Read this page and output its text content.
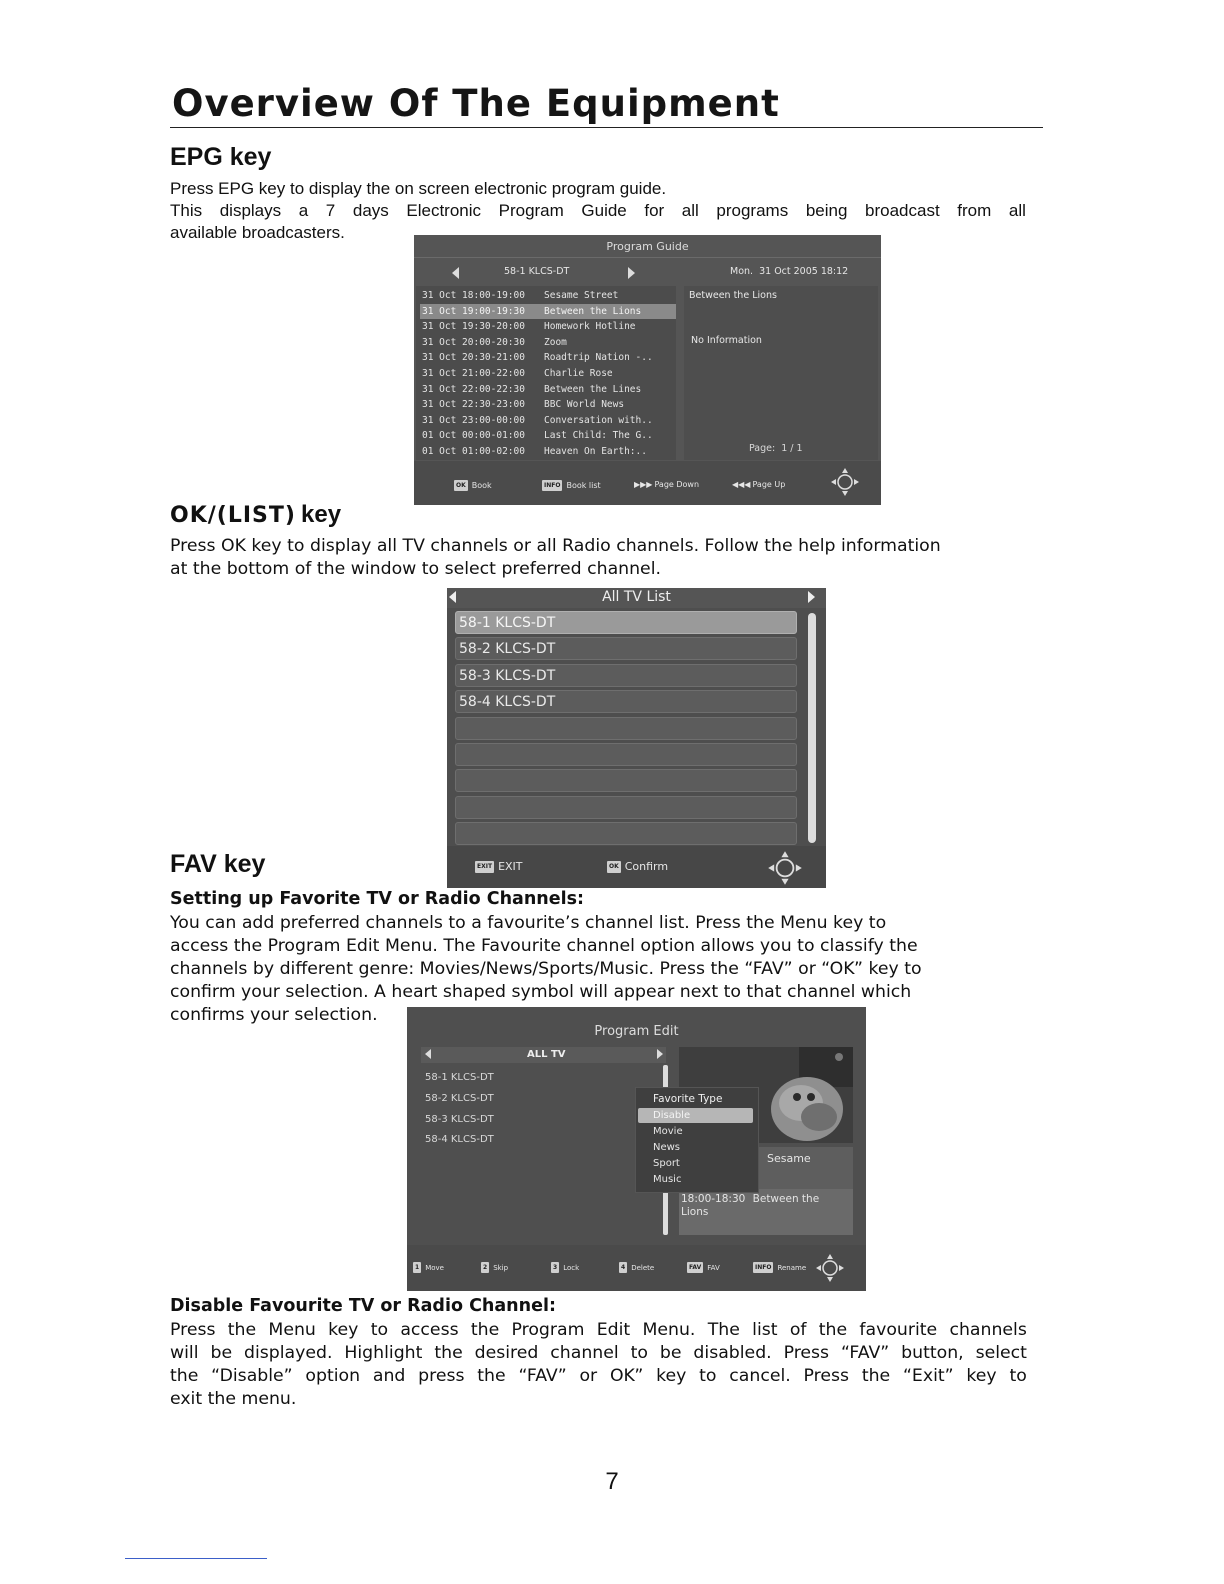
Overview Of The Equipment
EPG key
Press EPG key to display the on screen electronic program guide.
This displays a 7 days Electronic Program Guide for all programs being broadcast from all
available broadcasters.
Program Guide
58-1 KLCS-DT	Mon.  31 Oct 2005 18:12
31 Oct 18:00-19:00 Sesame Street
31 Oct 19:00-19:30 Between the Lions
31 Oct 19:30-20:00 Homework Hotline
31 Oct 20:00-20:30 Zoom
31 Oct 20:30-21:00 Roadtrip Nation -..
31 Oct 21:00-22:00 Charlie Rose
31 Oct 22:00-22:30 Between the Lines
31 Oct 22:30-23:00 BBC World News
31 Oct 23:00-00:00 Conversation with..
01 Oct 00:00-01:00 Last Child: The G..
01 Oct 01:00-02:00 Heaven On Earth:..
Between the Lions
No Information
Page:  1 / 1
OK Book	INFO Book list	▶▶▶ Page Down	◀◀◀ Page Up
OK/(LIST) key
Press OK key to display all TV channels or all Radio channels. Follow the help information
at the bottom of the window to select preferred channel.
All TV List
58-1 KLCS-DT
58-2 KLCS-DT
58-3 KLCS-DT
58-4 KLCS-DT
EXIT EXIT	OK Confirm
FAV key
Setting up Favorite TV or Radio Channels:
You can add preferred channels to a favourite’s channel list. Press the Menu key to
access the Program Edit Menu. The Favourite channel option allows you to classify the
channels by different genre: Movies/News/Sports/Music. Press the “FAV” or “OK” key to
confirm your selection. A heart shaped symbol will appear next to that channel which
confirms your selection.
Program Edit
ALL TV
58-1 KLCS-DT
58-2 KLCS-DT
58-3 KLCS-DT
58-4 KLCS-DT
Sesame
18:00-18:30 Between the
Lions
Favorite Type
Disable
Movie
News
Sport
Music
1 Move	2 Skip	3 Lock	4 Delete	FAV FAV	INFO Rename
Disable Favourite TV or Radio Channel:
Press the Menu key to access the Program Edit Menu. The list of the favourite channels
will be displayed. Highlight the desired channel to be disabled. Press “FAV” button, select
the “Disable” option and press the “FAV” or OK” key to cancel. Press the “Exit” key to
exit the menu.
7
